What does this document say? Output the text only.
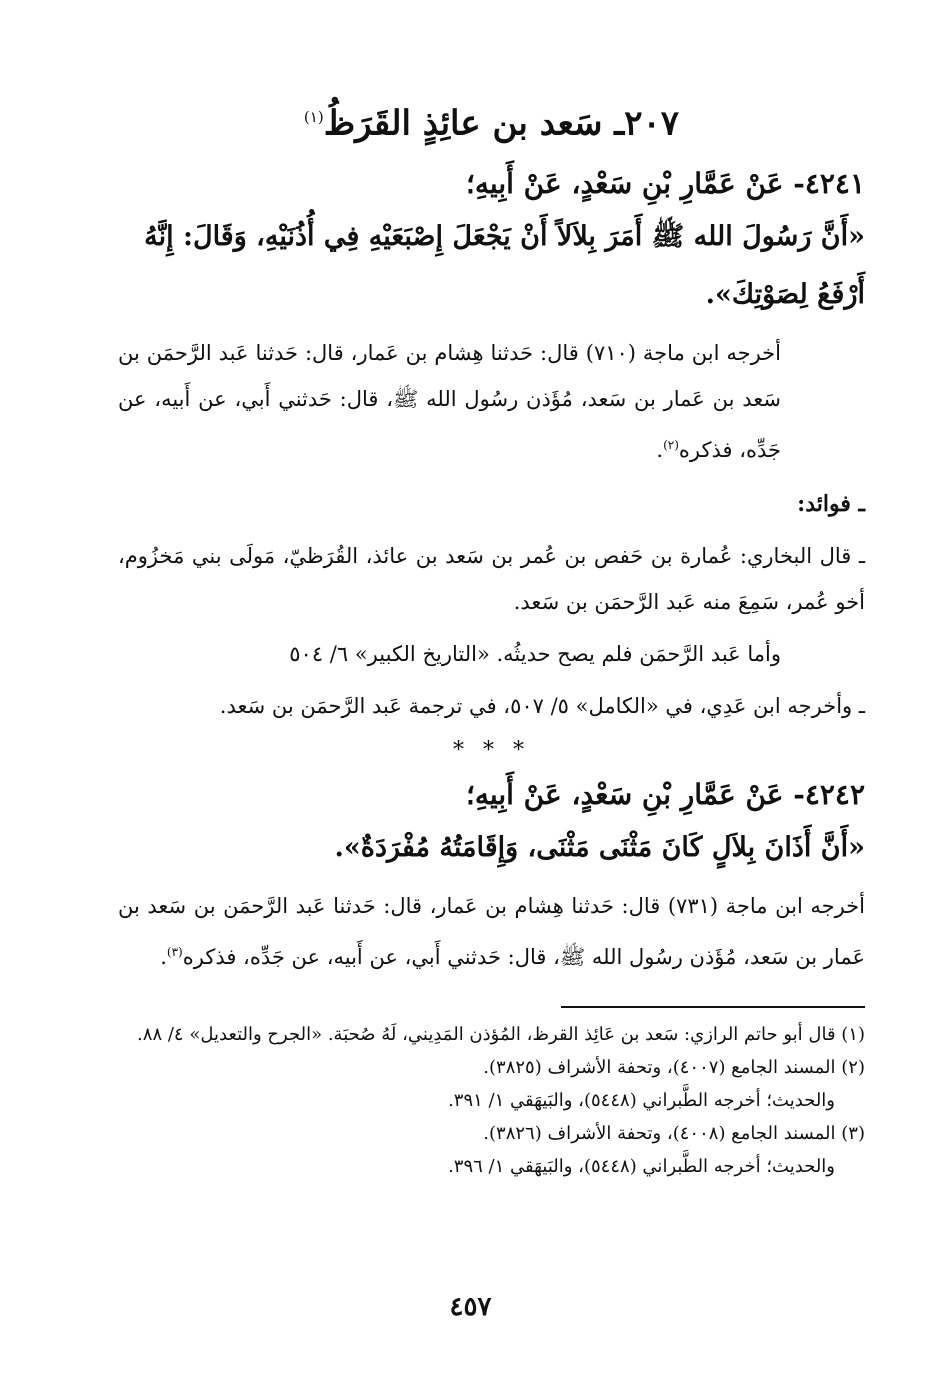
٢٠٧ـ سَعد بن عائِذٍ القَرَظُ$^{(١)}$

٤٢٤١- عَنْ عَمَّارِ بْنِ سَعْدٍ، عَنْ أَبِيهِ؛

«أَنَّ رَسُولَ الله ﷺ أَمَرَ بِلاَلاً أَنْ يَجْعَلَ إِصْبَعَيْهِ فِي أُذُنَيْهِ، وَقَالَ: إِنَّهُ أَرْفَعُ لِصَوْتِكَ».

أخرجه ابن ماجة (٧١٠) قال: حَدثنا هِشام بن عَمار، قال: حَدثنا عَبد الرَّحمَن بن سَعد بن عَمار بن سَعد، مُؤَذن رسُول الله ﷺ، قال: حَدثني أَبي، عن أَبيه، عن جَدِّه، فذكره$^{(٢)}$.

ـ فوائد:

ـ قال البخاري: عُمارة بن حَفص بن عُمر بن سَعد بن عائذ، القُرَظيّ، مَولَى بني مَخزُوم، أخو عُمر، سَمِعَ منه عَبد الرَّحمَن بن سَعد.

وأما عَبد الرَّحمَن فلم يصح حديثُه. «التاريخ الكبير» ٦/ ٥٠٤

ـ وأخرجه ابن عَدِي، في «الكامل» ٥/ ٥٠٧، في ترجمة عَبد الرَّحمَن بن سَعد.

* * *

٤٢٤٢- عَنْ عَمَّارِ بْنِ سَعْدٍ، عَنْ أَبِيهِ؛

«أَنَّ أَذَانَ بِلاَلٍ كَانَ مَثْنَى مَثْنَى، وَإِقَامَتُهُ مُفْرَدَةٌ».

أخرجه ابن ماجة (٧٣١) قال: حَدثنا هِشام بن عَمار، قال: حَدثنا عَبد الرَّحمَن بن سَعد بن عَمار بن سَعد، مُؤَذن رسُول الله ﷺ، قال: حَدثني أَبي، عن أَبيه، عن جَدِّه، فذكره$^{(٣)}$.

(١) قال أبو حاتم الرازي: سَعد بن عَائِذ القرظ، المُؤذن المَدِيني، لَهُ صُحبَة. «الجرح والتعديل» ٤/ ٨٨.

(٢) المسند الجامع (٤٠٠٧)، وتحفة الأشراف (٣٨٢٥).

والحديث؛ أخرجه الطَّبراني (٥٤٤٨)، والبَيهَقي ١/ ٣٩١.

(٣) المسند الجامع (٤٠٠٨)، وتحفة الأشراف (٣٨٢٦).

والحديث؛ أخرجه الطَّبراني (٥٤٤٨)، والبَيهَقي ١/ ٣٩٦.

٤٥٧
